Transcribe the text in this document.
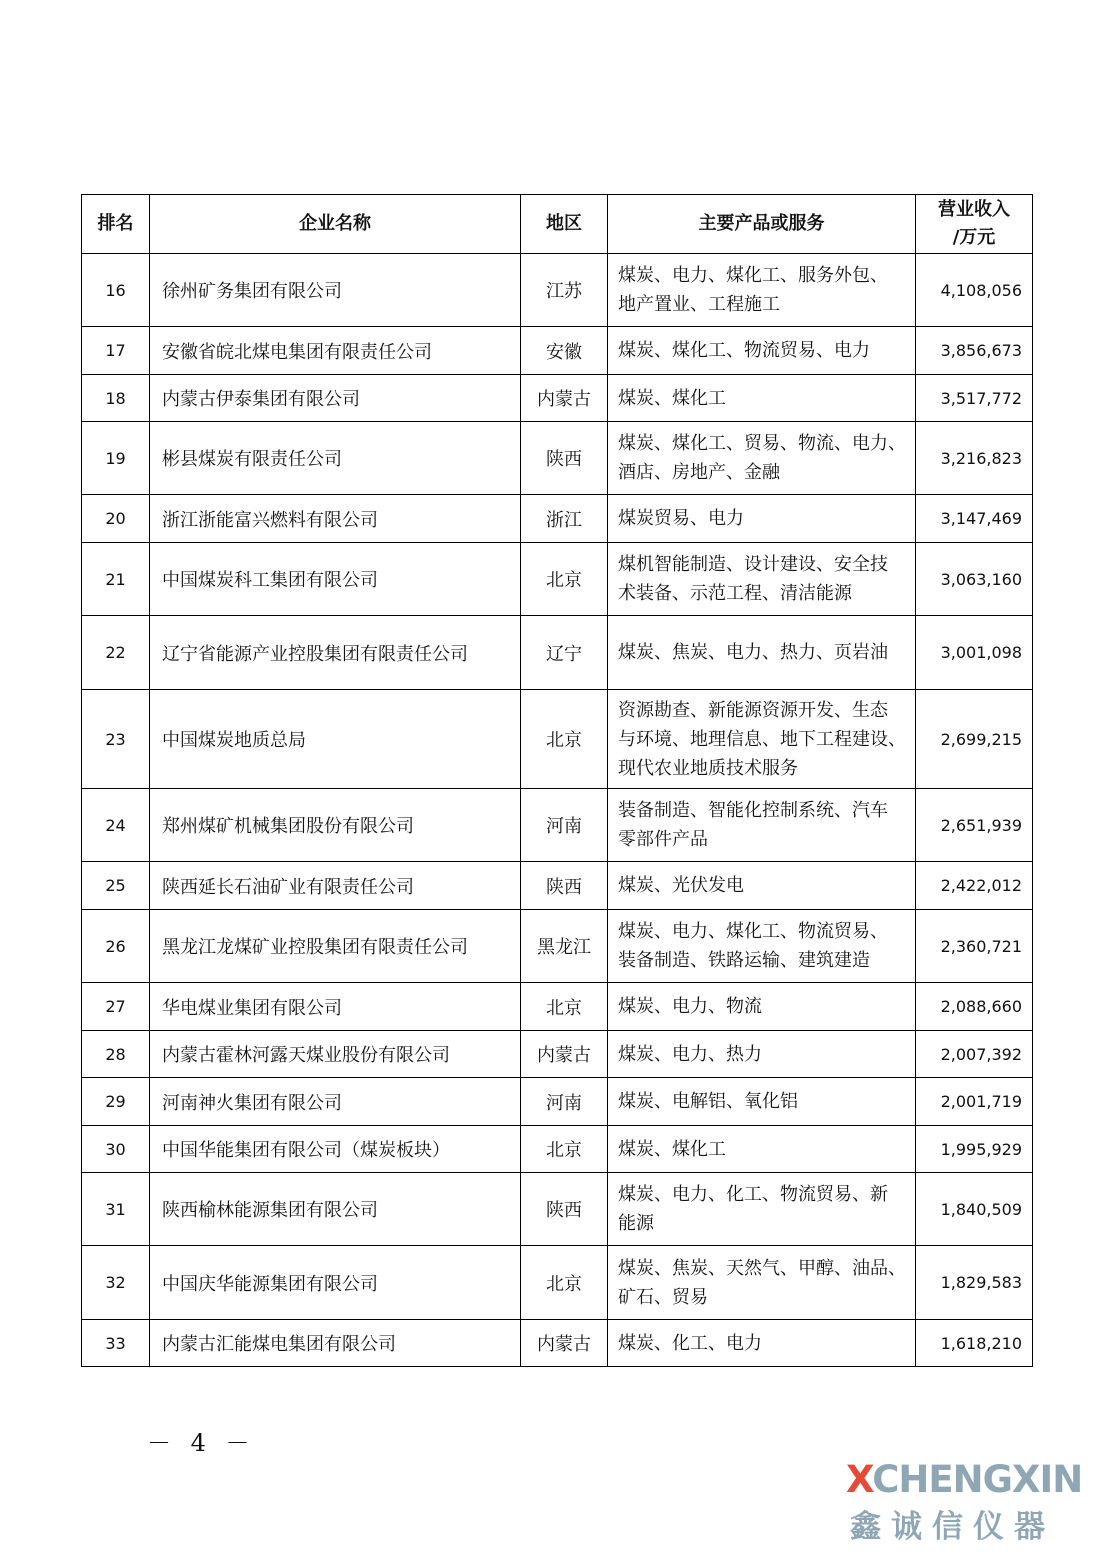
排名	企业名称	地区	主要产品或服务	营业收入
/万元

16	徐州矿务集团有限公司	江苏	煤炭、电力、煤化工、服务外包、
地产置业、工程施工	4,108,056
17	安徽省皖北煤电集团有限责任公司	安徽	煤炭、煤化工、物流贸易、电力	3,856,673
18	内蒙古伊泰集团有限公司	内蒙古	煤炭、煤化工	3,517,772
19	彬县煤炭有限责任公司	陕西	煤炭、煤化工、贸易、物流、电力、
酒店、房地产、金融	3,216,823
20	浙江浙能富兴燃料有限公司	浙江	煤炭贸易、电力	3,147,469
21	中国煤炭科工集团有限公司	北京	煤机智能制造、设计建设、安全技
术装备、示范工程、清洁能源	3,063,160
22	辽宁省能源产业控股集团有限责任公司	辽宁	煤炭、焦炭、电力、热力、页岩油	3,001,098
23	中国煤炭地质总局	北京	资源勘查、新能源资源开发、生态
与环境、地理信息、地下工程建设、
现代农业地质技术服务	2,699,215
24	郑州煤矿机械集团股份有限公司	河南	装备制造、智能化控制系统、汽车
零部件产品	2,651,939
25	陕西延长石油矿业有限责任公司	陕西	煤炭、光伏发电	2,422,012
26	黑龙江龙煤矿业控股集团有限责任公司	黑龙江	煤炭、电力、煤化工、物流贸易、
装备制造、铁路运输、建筑建造	2,360,721
27	华电煤业集团有限公司	北京	煤炭、电力、物流	2,088,660
28	内蒙古霍林河露天煤业股份有限公司	内蒙古	煤炭、电力、热力	2,007,392
29	河南神火集团有限公司	河南	煤炭、电解铝、氧化铝	2,001,719
30	中国华能集团有限公司（煤炭板块）	北京	煤炭、煤化工	1,995,929
31	陕西榆林能源集团有限公司	陕西	煤炭、电力、化工、物流贸易、新
能源	1,840,509
32	中国庆华能源集团有限公司	北京	煤炭、焦炭、天然气、甲醇、油品、
矿石、贸易	1,829,583
33	内蒙古汇能煤电集团有限公司	内蒙古	煤炭、化工、电力	1,618,210
－ 4 －
XCHENGXIN
鑫诚信仪器
